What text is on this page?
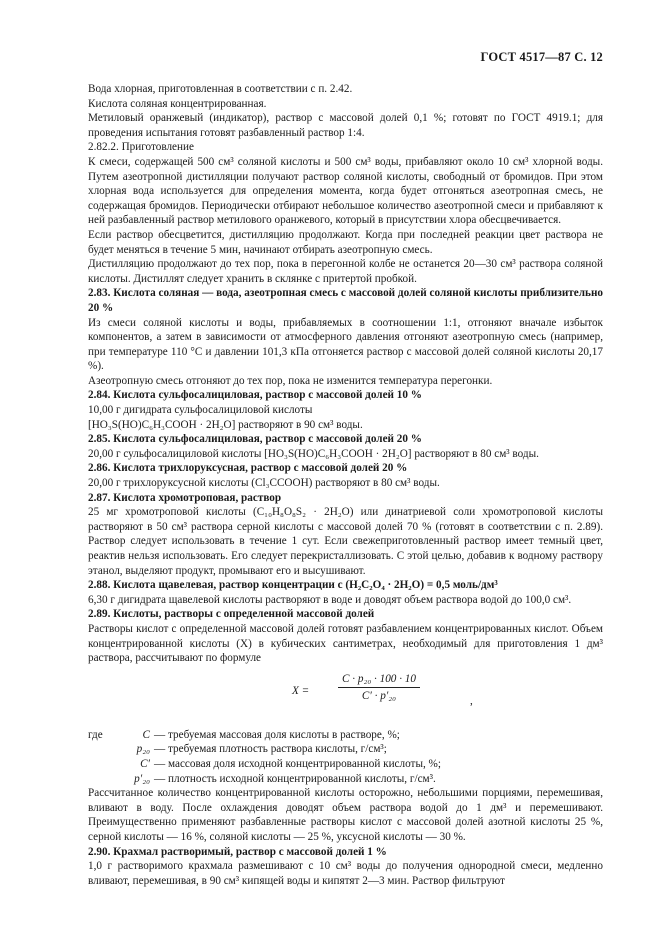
ГОСТ 4517—87 С. 12

Вода хлорная, приготовленная в соответствии с п. 2.42.

Кислота соляная концентрированная.

Метиловый оранжевый (индикатор), раствор с массовой долей 0,1 %; готовят по ГОСТ 4919.1; для проведения испытания готовят разбавленный раствор 1:4.

2.82.2. Приготовление

К смеси, содержащей 500 см³ соляной кислоты и 500 см³ воды, прибавляют около 10 см³ хлорной воды. Путем азеотропной дистилляции получают раствор соляной кислоты, свободный от бромидов. При этом хлорная вода используется для определения момента, когда будет отгоняться азеотропная смесь, не содержащая бромидов. Периодически отбирают небольшое количество азеотропной смеси и прибавляют к ней разбавленный раствор метилового оранжевого, который в присутствии хлора обесцвечивается.

Если раствор обесцветится, дистилляцию продолжают. Когда при последней реакции цвет раствора не будет меняться в течение 5 мин, начинают отбирать азеотропную смесь.

Дистилляцию продолжают до тех пор, пока в перегонной колбе не останется 20—30 см³ раствора соляной кислоты. Дистиллят следует хранить в склянке с притертой пробкой.

2.83. Кислота соляная — вода, азеотропная смесь с массовой долей соляной кислоты приблизительно 20 %

Из смеси соляной кислоты и воды, прибавляемых в соотношении 1:1, отгоняют вначале избыток компонентов, а затем в зависимости от атмосферного давления отгоняют азеотропную смесь (например, при температуре 110 °С и давлении 101,3 кПа отгоняется раствор с массовой долей соляной кислоты 20,17 %).

Азеотропную смесь отгоняют до тех пор, пока не изменится температура перегонки.

2.84. Кислота сульфосалициловая, раствор с массовой долей 10 %

10,00 г дигидрата сульфосалициловой кислоты

[HO₃S(HO)C₆H₃COOH · 2H₂O] растворяют в 90 см³ воды.

2.85. Кислота сульфосалициловая, раствор с массовой долей 20 %

20,00 г сульфосалициловой кислоты [HO₃S(HO)C₆H₃COOH · 2H₂O] растворяют в 80 см³ воды.

2.86. Кислота трихлоруксусная, раствор с массовой долей 20 %

20,00 г трихлоруксусной кислоты (Cl₃CCOOH) растворяют в 80 см³ воды.

2.87. Кислота хромотроповая, раствор

25 мг хромотроповой кислоты (C₁₀H₈O₈S₂ · 2H₂O) или динатриевой соли хромотроповой кислоты растворяют в 50 см³ раствора серной кислоты с массовой долей 70 % (готовят в соответствии с п. 2.89). Раствор следует использовать в течение 1 сут. Если свежеприготовленный раствор имеет темный цвет, реактив нельзя использовать. Его следует перекристаллизовать. С этой целью, добавив к водному раствору этанол, выделяют продукт, промывают его и высушивают.

2.88. Кислота щавелевая, раствор концентрации с (H₂C₂O₄ · 2H₂O) = 0,5 моль/дм³

6,30 г дигидрата щавелевой кислоты растворяют в воде и доводят объем раствора водой до 100,0 см³.

2.89. Кислоты, растворы с определенной массовой долей

Растворы кислот с определенной массовой долей готовят разбавлением концентрированных кислот. Объем концентрированной кислоты (X) в кубических сантиметрах, необходимый для приготовления 1 дм³ раствора, рассчитывают по формуле

X =
C · p₂₀ · 100 · 10
C′ · p′₂₀	,
где	C — требуемая массовая доля кислоты в растворе, %;
p₂₀ — требуемая плотность раствора кислоты, г/см³;
C′ — массовая доля исходной концентрированной кислоты, %;
p′₂₀ — плотность исходной концентрированной кислоты, г/см³.

Рассчитанное количество концентрированной кислоты осторожно, небольшими порциями, перемешивая, вливают в воду. После охлаждения доводят объем раствора водой до 1 дм³ и перемешивают. Преимущественно применяют разбавленные растворы кислот с массовой долей азотной кислоты 25 %, серной кислоты — 16 %, соляной кислоты — 25 %, уксусной кислоты — 30 %.

2.90. Крахмал растворимый, раствор с массовой долей 1 %

1,0 г растворимого крахмала размешивают с 10 см³ воды до получения однородной смеси, медленно вливают, перемешивая, в 90 см³ кипящей воды и кипятят 2—3 мин. Раствор фильтруют
